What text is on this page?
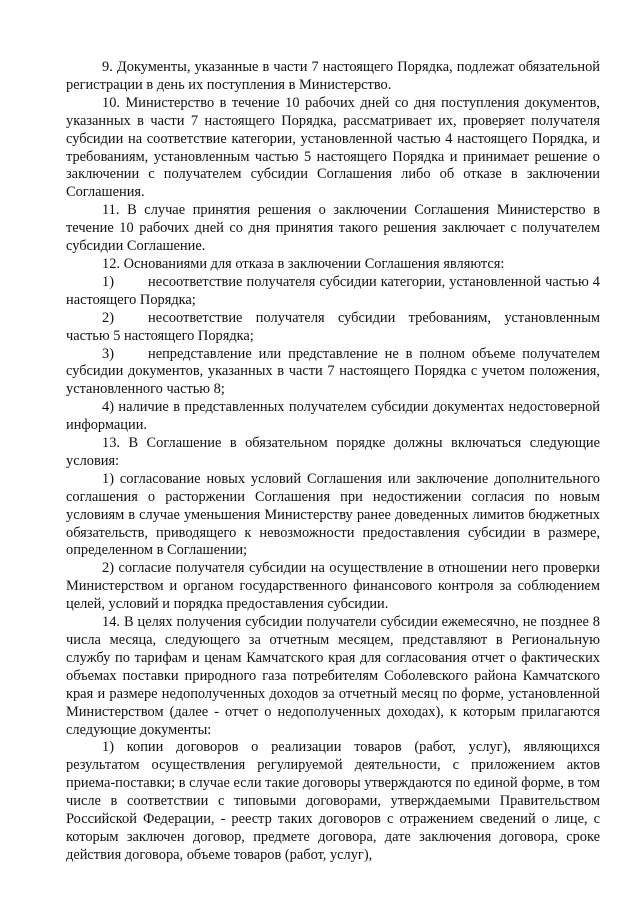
9. Документы, указанные в части 7 настоящего Порядка, подлежат обязательной регистрации в день их поступления в Министерство.

10. Министерство в течение 10 рабочих дней со дня поступления документов, указанных в части 7 настоящего Порядка, рассматривает их, проверяет получателя субсидии на соответствие категории, установленной частью 4 настоящего Порядка, и требованиям, установленным частью 5 настоящего Порядка и принимает решение о заключении с получателем субсидии Соглашения либо об отказе в заключении Соглашения.

11. В случае принятия решения о заключении Соглашения Министерство в течение 10 рабочих дней со дня принятия такого решения заключает с получателем субсидии Соглашение.

12. Основаниями для отказа в заключении Соглашения являются:

1) несоответствие получателя субсидии категории, установленной частью 4 настоящего Порядка;

2) несоответствие получателя субсидии требованиям, установленным частью 5 настоящего Порядка;

3) непредставление или представление не в полном объеме получателем субсидии документов, указанных в части 7 настоящего Порядка с учетом положения, установленного частью 8;

4) наличие в представленных получателем субсидии документах недостоверной информации.

13. В Соглашение в обязательном порядке должны включаться следующие условия:

1) согласование новых условий Соглашения или заключение дополнительного соглашения о расторжении Соглашения при недостижении согласия по новым условиям в случае уменьшения Министерству ранее доведенных лимитов бюджетных обязательств, приводящего к невозможности предоставления субсидии в размере, определенном в Соглашении;

2) согласие получателя субсидии на осуществление в отношении него проверки Министерством и органом государственного финансового контроля за соблюдением целей, условий и порядка предоставления субсидии.

14. В целях получения субсидии получатели субсидии ежемесячно, не позднее 8 числа месяца, следующего за отчетным месяцем, представляют в Региональную службу по тарифам и ценам Камчатского края для согласования отчет о фактических объемах поставки природного газа потребителям Соболевского района Камчатского края и размере недополученных доходов за отчетный месяц по форме, установленной Министерством (далее - отчет о недополученных доходах), к которым прилагаются следующие документы:

1) копии договоров о реализации товаров (работ, услуг), являющихся результатом осуществления регулируемой деятельности, с приложением актов приема-поставки; в случае если такие договоры утверждаются по единой форме, в том числе в соответствии с типовыми договорами, утверждаемыми Правительством Российской Федерации, - реестр таких договоров с отражением сведений о лице, с которым заключен договор, предмете договора, дате заключения договора, сроке действия договора, объеме товаров (работ, услуг),
